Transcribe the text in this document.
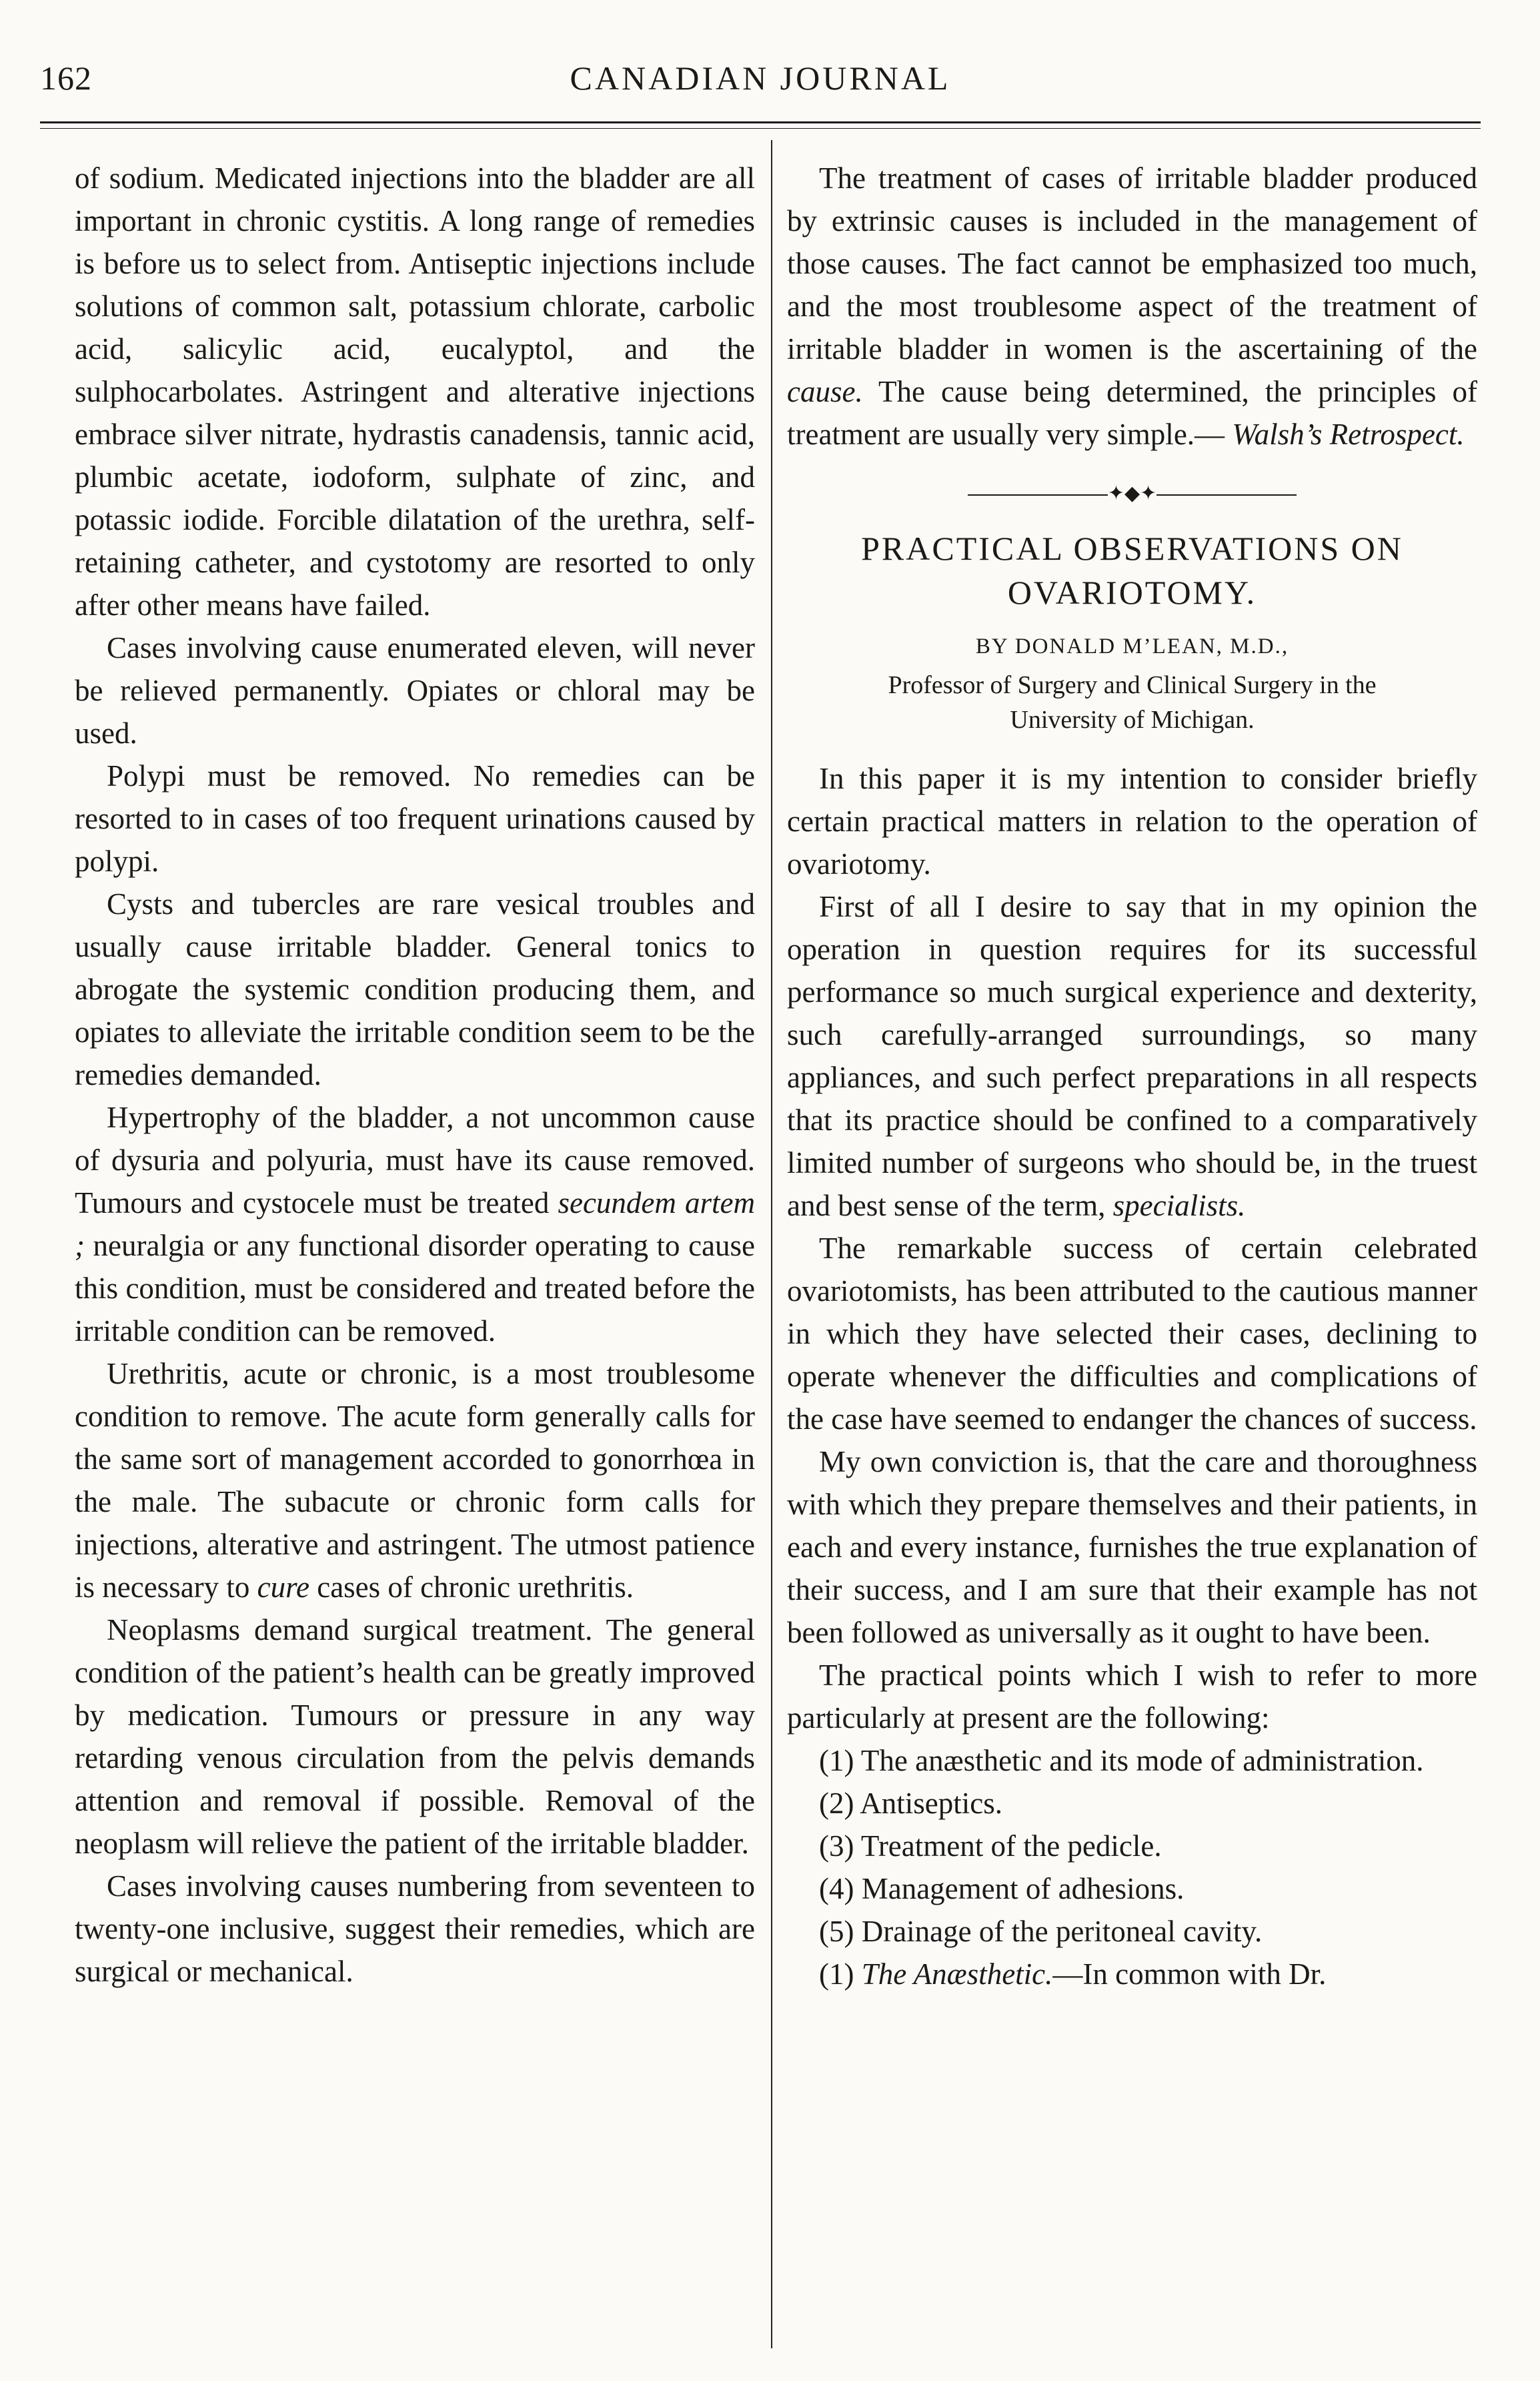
162	CANADIAN JOURNAL

of sodium. Medicated injections into the bladder are all important in chronic cystitis. A long range of remedies is before us to select from. Antiseptic injections include solutions of common salt, potassium chlorate, carbolic acid, salicylic acid, eucalyptol, and the sulphocarbolates. Astringent and alterative injections embrace silver nitrate, hydrastis canadensis, tannic acid, plumbic acetate, iodoform, sulphate of zinc, and potassic iodide. Forcible dilatation of the urethra, self-retaining catheter, and cystotomy are resorted to only after other means have failed.

Cases involving cause enumerated eleven, will never be relieved permanently. Opiates or chloral may be used.

Polypi must be removed. No remedies can be resorted to in cases of too frequent urinations caused by polypi.

Cysts and tubercles are rare vesical troubles and usually cause irritable bladder. General tonics to abrogate the systemic condition producing them, and opiates to alleviate the irritable condition seem to be the remedies demanded.

Hypertrophy of the bladder, a not uncommon cause of dysuria and polyuria, must have its cause removed. Tumours and cystocele must be treated secundem artem ; neuralgia or any functional disorder operating to cause this condition, must be considered and treated before the irritable condition can be removed.

Urethritis, acute or chronic, is a most troublesome condition to remove. The acute form generally calls for the same sort of management accorded to gonorrhœa in the male. The subacute or chronic form calls for injections, alterative and astringent. The utmost patience is necessary to cure cases of chronic urethritis.

Neoplasms demand surgical treatment. The general condition of the patient’s health can be greatly improved by medication. Tumours or pressure in any way retarding venous circulation from the pelvis demands attention and removal if possible. Removal of the neoplasm will relieve the patient of the irritable bladder.

Cases involving causes numbering from seventeen to twenty-one inclusive, suggest their remedies, which are surgical or mechanical.

The treatment of cases of irritable bladder produced by extrinsic causes is included in the management of those causes. The fact cannot be emphasized too much, and the most troublesome aspect of the treatment of irritable bladder in women is the ascertaining of the cause. The cause being determined, the principles of treatment are usually very simple.— Walsh’s Retrospect.

✦◆✦
PRACTICAL OBSERVATIONS ON
OVARIOTOMY.
BY DONALD M’LEAN, M.D.,
Professor of Surgery and Clinical Surgery in the
University of Michigan.

In this paper it is my intention to consider briefly certain practical matters in relation to the operation of ovariotomy.

First of all I desire to say that in my opinion the operation in question requires for its successful performance so much surgical experience and dexterity, such carefully-arranged surroundings, so many appliances, and such perfect preparations in all respects that its practice should be confined to a comparatively limited number of surgeons who should be, in the truest and best sense of the term, specialists.

The remarkable success of certain celebrated ovariotomists, has been attributed to the cautious manner in which they have selected their cases, declining to operate whenever the difficulties and complications of the case have seemed to endanger the chances of success.

My own conviction is, that the care and thoroughness with which they prepare themselves and their patients, in each and every instance, furnishes the true explanation of their success, and I am sure that their example has not been followed as universally as it ought to have been.

The practical points which I wish to refer to more particularly at present are the following:

(1) The anæsthetic and its mode of administration.

(2) Antiseptics.

(3) Treatment of the pedicle.

(4) Management of adhesions.

(5) Drainage of the peritoneal cavity.

(1) The Anæsthetic.—In common with Dr.
